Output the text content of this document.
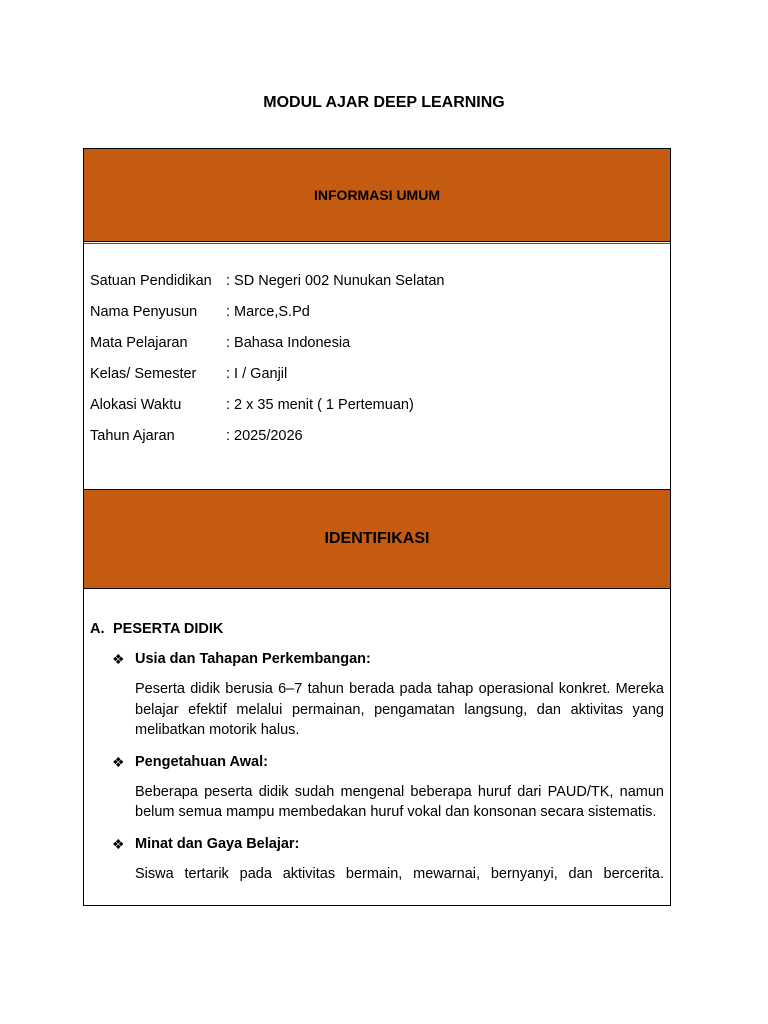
MODUL AJAR DEEP LEARNING
INFORMASI UMUM
Satuan Pendidikan : SD Negeri 002 Nunukan Selatan
Nama Penyusun	: Marce,S.Pd
Mata Pelajaran	: Bahasa Indonesia
Kelas/ Semester	: I / Ganjil
Alokasi Waktu	: 2 x 35 menit ( 1 Pertemuan)
Tahun Ajaran	: 2025/2026
IDENTIFIKASI
A. PESERTA DIDIK
❖ Usia dan Tahapan Perkembangan:
Peserta didik berusia 6–7 tahun berada pada tahap operasional konkret. Mereka belajar efektif melalui permainan, pengamatan langsung, dan aktivitas yang melibatkan motorik halus.
❖ Pengetahuan Awal:
Beberapa peserta didik sudah mengenal beberapa huruf dari PAUD/TK, namun belum semua mampu membedakan huruf vokal dan konsonan secara sistematis.
❖ Minat dan Gaya Belajar:
Siswa tertarik pada aktivitas bermain, mewarnai, bernyanyi, dan bercerita.
